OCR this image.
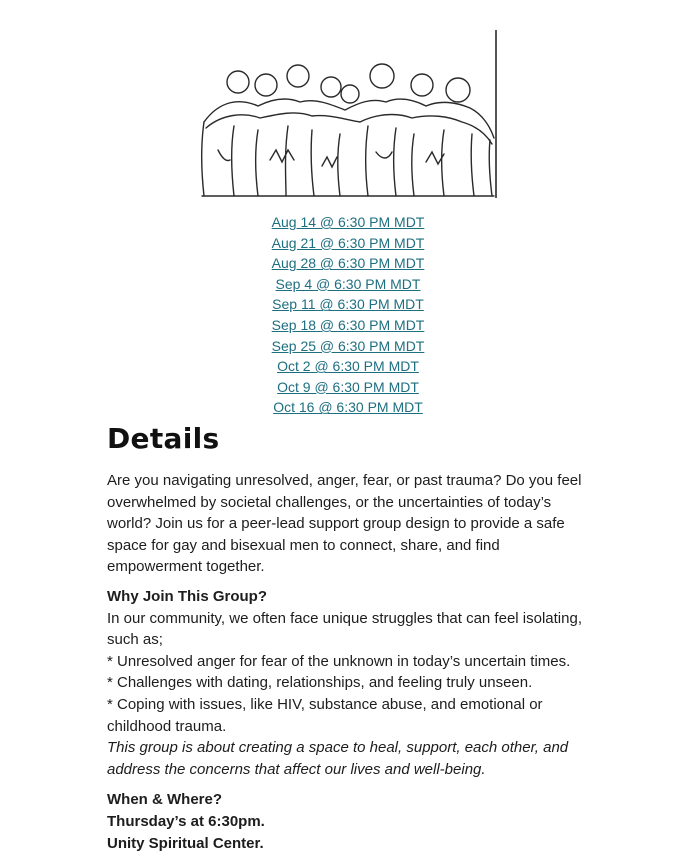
Aug 14 @ 6:30 PM MDT
Aug 21 @ 6:30 PM MDT
Aug 28 @ 6:30 PM MDT
Sep 4 @ 6:30 PM MDT
Sep 11 @ 6:30 PM MDT
Sep 18 @ 6:30 PM MDT
Sep 25 @ 6:30 PM MDT
Oct 2 @ 6:30 PM MDT
Oct 9 @ 6:30 PM MDT
Oct 16 @ 6:30 PM MDT
Details

Are you navigating unresolved, anger, fear, or past trauma? Do you feel overwhelmed by societal challenges, or the uncertainties of today’s world? Join us for a peer-lead support group design to provide a safe space for gay and bisexual men to connect, share, and find empowerment together.

Why Join This Group?

In our community, we often face unique struggles that can feel isolating, such as;

* Unresolved anger for fear of the unknown in today’s uncertain times.

* Challenges with dating, relationships, and feeling truly unseen.

* Coping with issues, like HIV, substance abuse, and emotional or childhood trauma.

This group is about creating a space to heal, support, each other, and address the concerns that affect our lives and well-being.

When & Where?

Thursday’s at 6:30pm.

Unity Spiritual Center.
